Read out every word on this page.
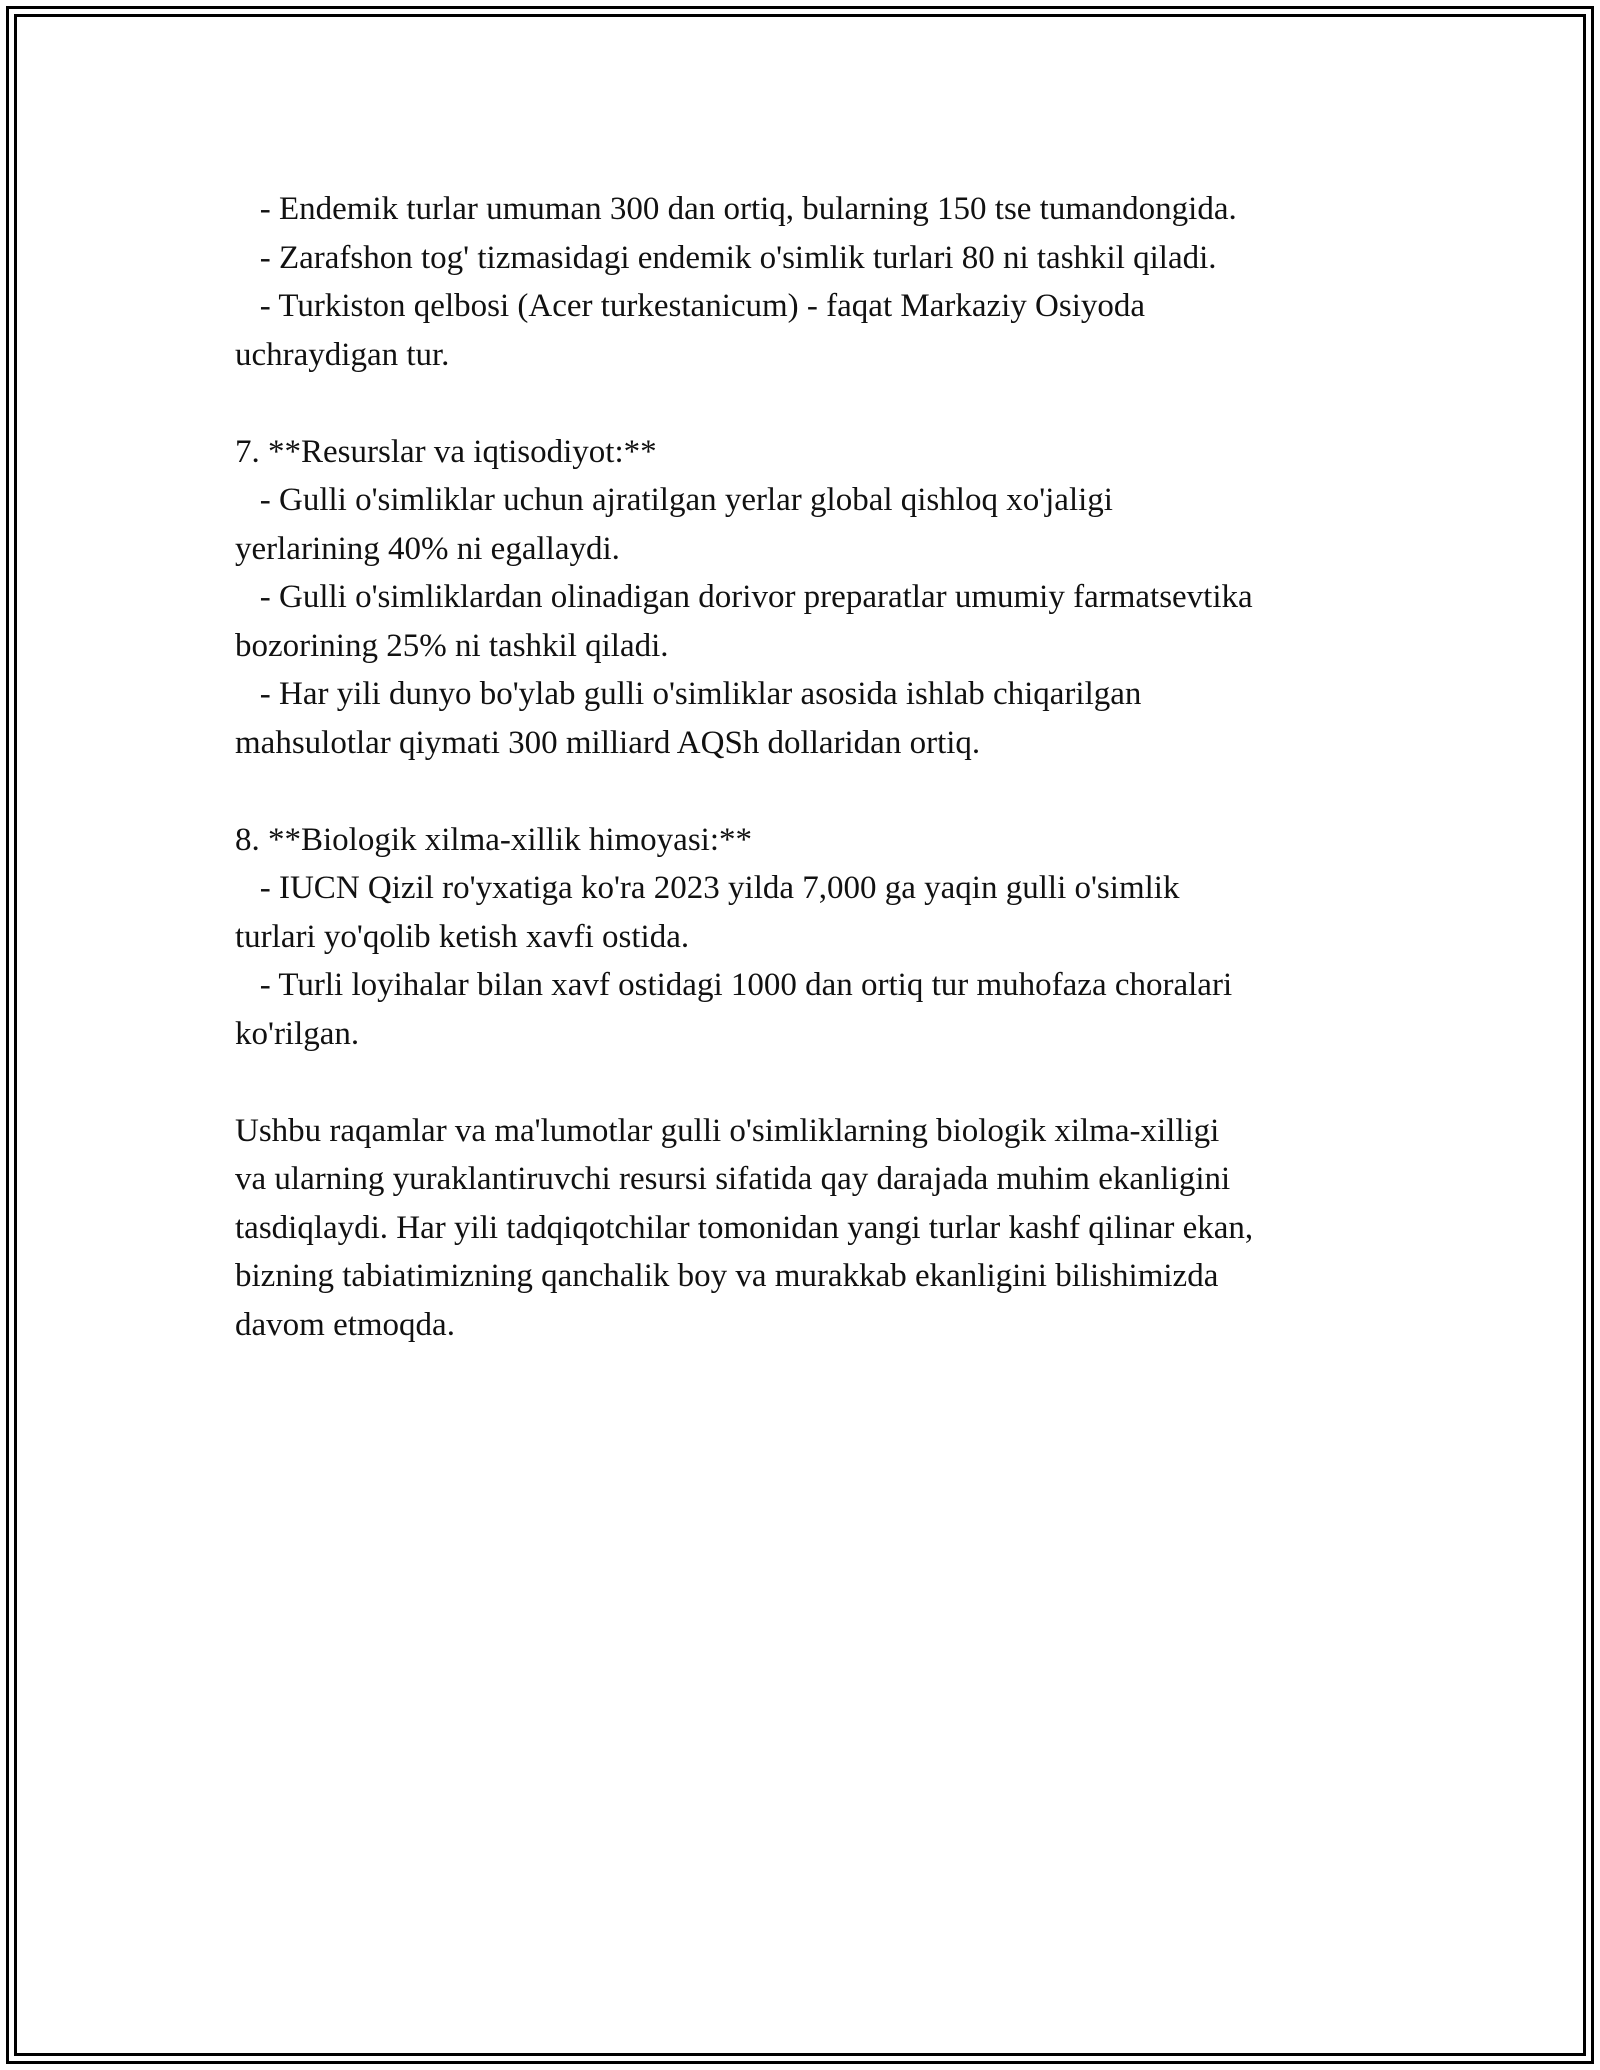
- Endemik turlar umuman 300 dan ortiq, bularning 150 tse tumandongida.
- Zarafshon tog' tizmasidagi endemik o'simlik turlari 80 ni tashkil qiladi.
- Turkiston qelbosi (Acer turkestanicum) - faqat Markaziy Osiyoda
uchraydigan tur.
7. **Resurslar va iqtisodiyot:**
- Gulli o'simliklar uchun ajratilgan yerlar global qishloq xo'jaligi
yerlarining 40% ni egallaydi.
- Gulli o'simliklardan olinadigan dorivor preparatlar umumiy farmatsevtika
bozorining 25% ni tashkil qiladi.
- Har yili dunyo bo'ylab gulli o'simliklar asosida ishlab chiqarilgan
mahsulotlar qiymati 300 milliard AQSh dollaridan ortiq.
8. **Biologik xilma-xillik himoyasi:**
- IUCN Qizil ro'yxatiga ko'ra 2023 yilda 7,000 ga yaqin gulli o'simlik
turlari yo'qolib ketish xavfi ostida.
- Turli loyihalar bilan xavf ostidagi 1000 dan ortiq tur muhofaza choralari
ko'rilgan.
Ushbu raqamlar va ma'lumotlar gulli o'simliklarning biologik xilma-xilligi
va ularning yuraklantiruvchi resursi sifatida qay darajada muhim ekanligini
tasdiqlaydi. Har yili tadqiqotchilar tomonidan yangi turlar kashf qilinar ekan,
bizning tabiatimizning qanchalik boy va murakkab ekanligini bilishimizda
davom etmoqda.
